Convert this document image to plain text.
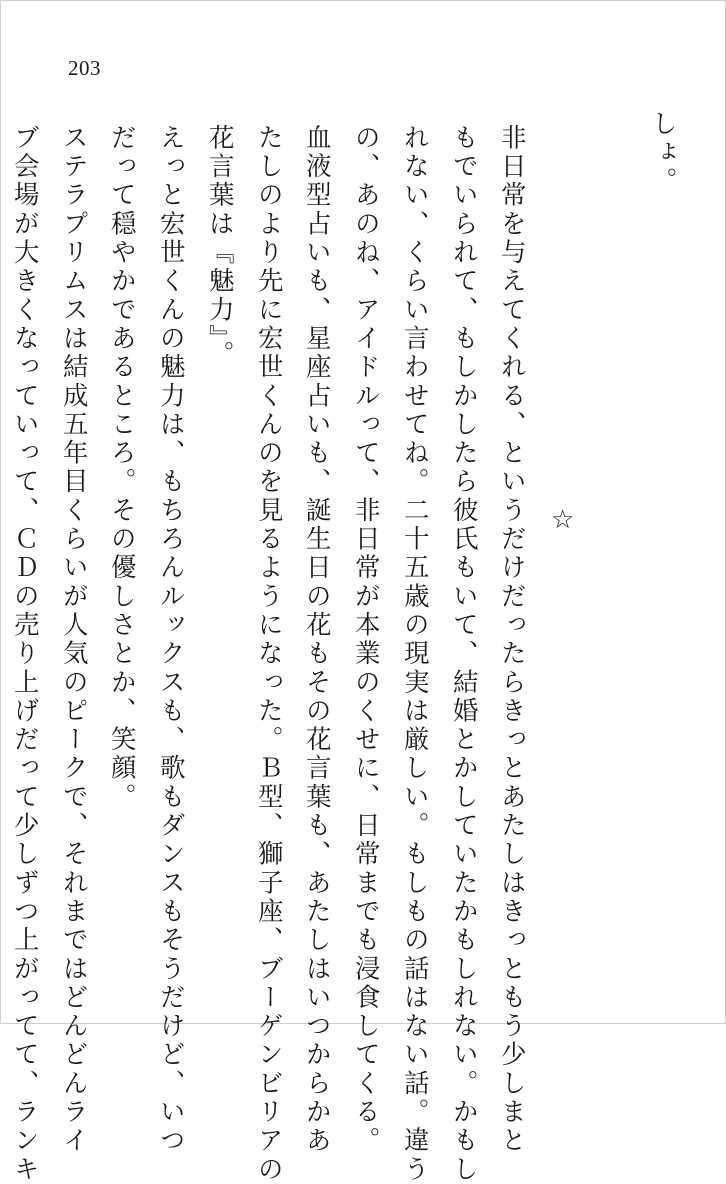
203
しょ。
☆
非日常を与えてくれる、というだけだったらきっとあたしはきっともう少しまと
もでいられて、もしかしたら彼氏もいて、結婚とかしていたかもしれない。かもし
れない、くらい言わせてね。二十五歳の現実は厳しい。もしもの話はない話。違う
の、あのね、アイドルって、非日常が本業のくせに、日常までも浸食してくる。
血液型占いも、星座占いも、誕生日の花もその花言葉も、あたしはいつからかあ
たしのより先に宏世くんのを見るようになった。Ｂ型、獅子座、ブーゲンビリアの
花言葉は『魅力』。
えっと宏世くんの魅力は、もちろんルックスも、歌もダンスもそうだけど、いつ
だって穏やかであるところ。その優しさとか、笑顔。
ステラプリムスは結成五年目くらいが人気のピークで、それまではどんどんライ
ブ会場が大きくなっていって、ＣＤの売り上げだって少しずつ上がってて、ランキ
